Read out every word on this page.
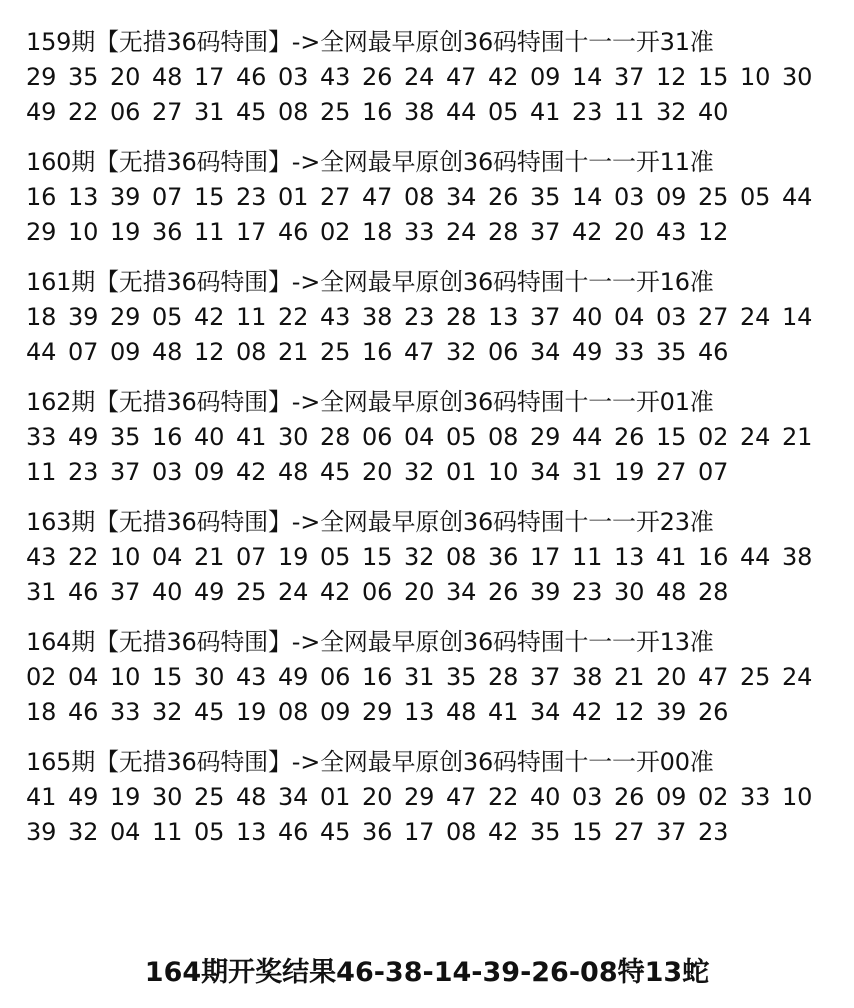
159期【无措36码特围】->全网最早原创36码特围十一一开31准
29 35 20 48 17 46 03 43 26 24 47 42 09 14 37 12 15 10 30
49 22 06 27 31 45 08 25 16 38 44 05 41 23 11 32 40
160期【无措36码特围】->全网最早原创36码特围十一一开11准
16 13 39 07 15 23 01 27 47 08 34 26 35 14 03 09 25 05 44
29 10 19 36 11 17 46 02 18 33 24 28 37 42 20 43 12
161期【无措36码特围】->全网最早原创36码特围十一一开16准
18 39 29 05 42 11 22 43 38 23 28 13 37 40 04 03 27 24 14
44 07 09 48 12 08 21 25 16 47 32 06 34 49 33 35 46
162期【无措36码特围】->全网最早原创36码特围十一一开01准
33 49 35 16 40 41 30 28 06 04 05 08 29 44 26 15 02 24 21
11 23 37 03 09 42 48 45 20 32 01 10 34 31 19 27 07
163期【无措36码特围】->全网最早原创36码特围十一一开23准
43 22 10 04 21 07 19 05 15 32 08 36 17 11 13 41 16 44 38
31 46 37 40 49 25 24 42 06 20 34 26 39 23 30 48 28
164期【无措36码特围】->全网最早原创36码特围十一一开13准
02 04 10 15 30 43 49 06 16 31 35 28 37 38 21 20 47 25 24
18 46 33 32 45 19 08 09 29 13 48 41 34 42 12 39 26
165期【无措36码特围】->全网最早原创36码特围十一一开00准
41 49 19 30 25 48 34 01 20 29 47 22 40 03 26 09 02 33 10
39 32 04 11 05 13 46 45 36 17 08 42 35 15 27 37 23
164期开奖结果46-38-14-39-26-08特13蛇
